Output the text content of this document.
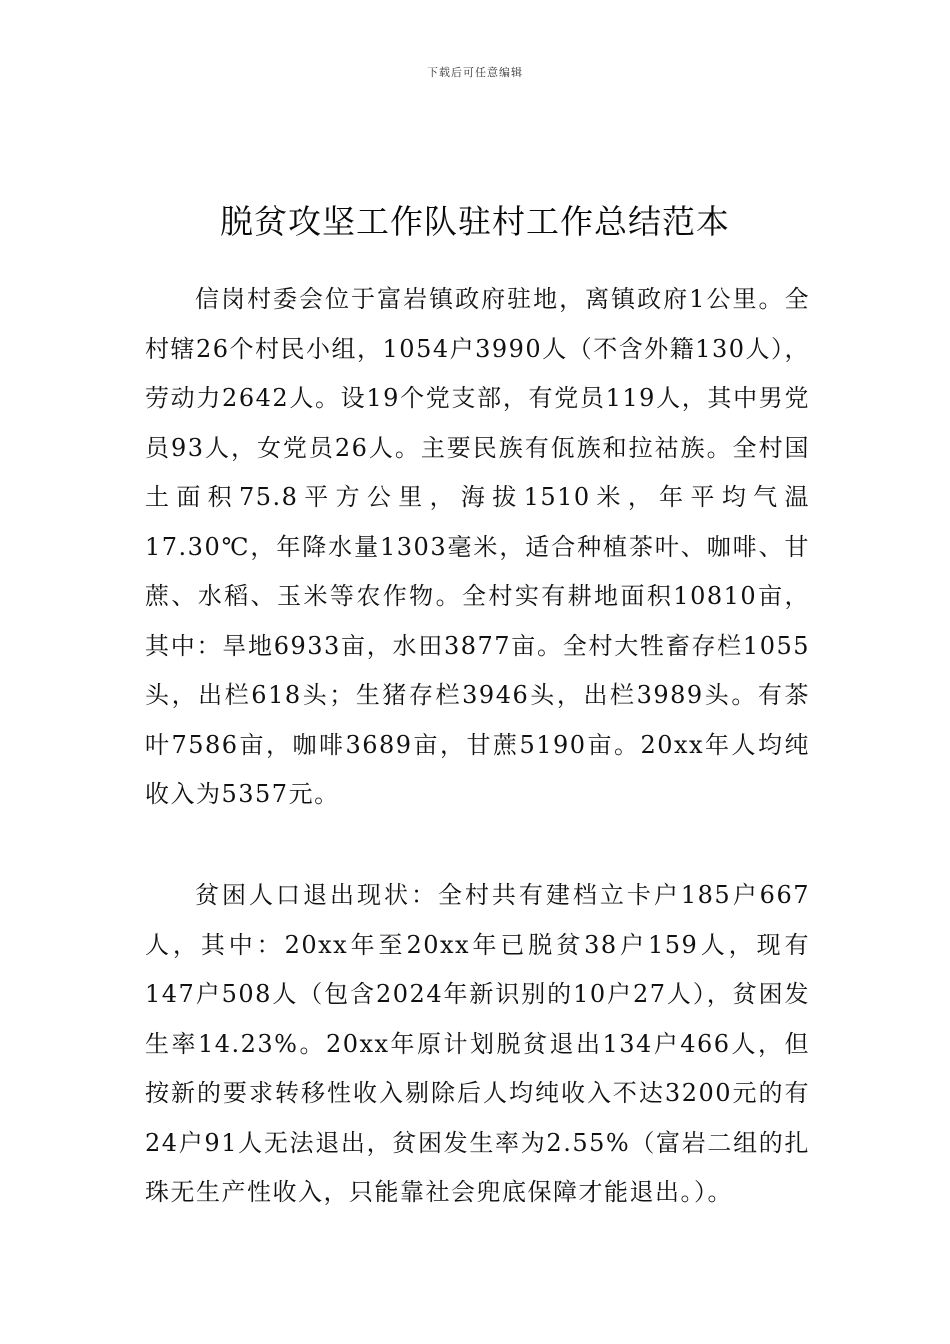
下载后可任意编辑
脱贫攻坚工作队驻村工作总结范本

信岗村委会位于富岩镇政府驻地，离镇政府1公里。全村辖26个村民小组，1054户3990人（不含外籍130人），劳动力2642人。设19个党支部，有党员119人，其中男党员93人，女党员26人。主要民族有佤族和拉祜族。全村国土面积75.8平方公里，海拔1510米，年平均气温17.30℃，年降水量1303毫米，适合种植茶叶、咖啡、甘蔗、水稻、玉米等农作物。全村实有耕地面积10810亩，其中：旱地6933亩，水田3877亩。全村大牲畜存栏1055头，出栏618头；生猪存栏3946头，出栏3989头。有茶叶7586亩，咖啡3689亩，甘蔗5190亩。20xx年人均纯收入为5357元。

贫困人口退出现状：全村共有建档立卡户185户667人，其中：20xx年至20xx年已脱贫38户159人，现有147户508人（包含2024年新识别的10户27人），贫困发生率14.23%。20xx年原计划脱贫退出134户466人，但按新的要求转移性收入剔除后人均纯收入不达3200元的有24户91人无法退出，贫困发生率为2.55%（富岩二组的扎珠无生产性收入，只能靠社会兜底保障才能退出。）。
